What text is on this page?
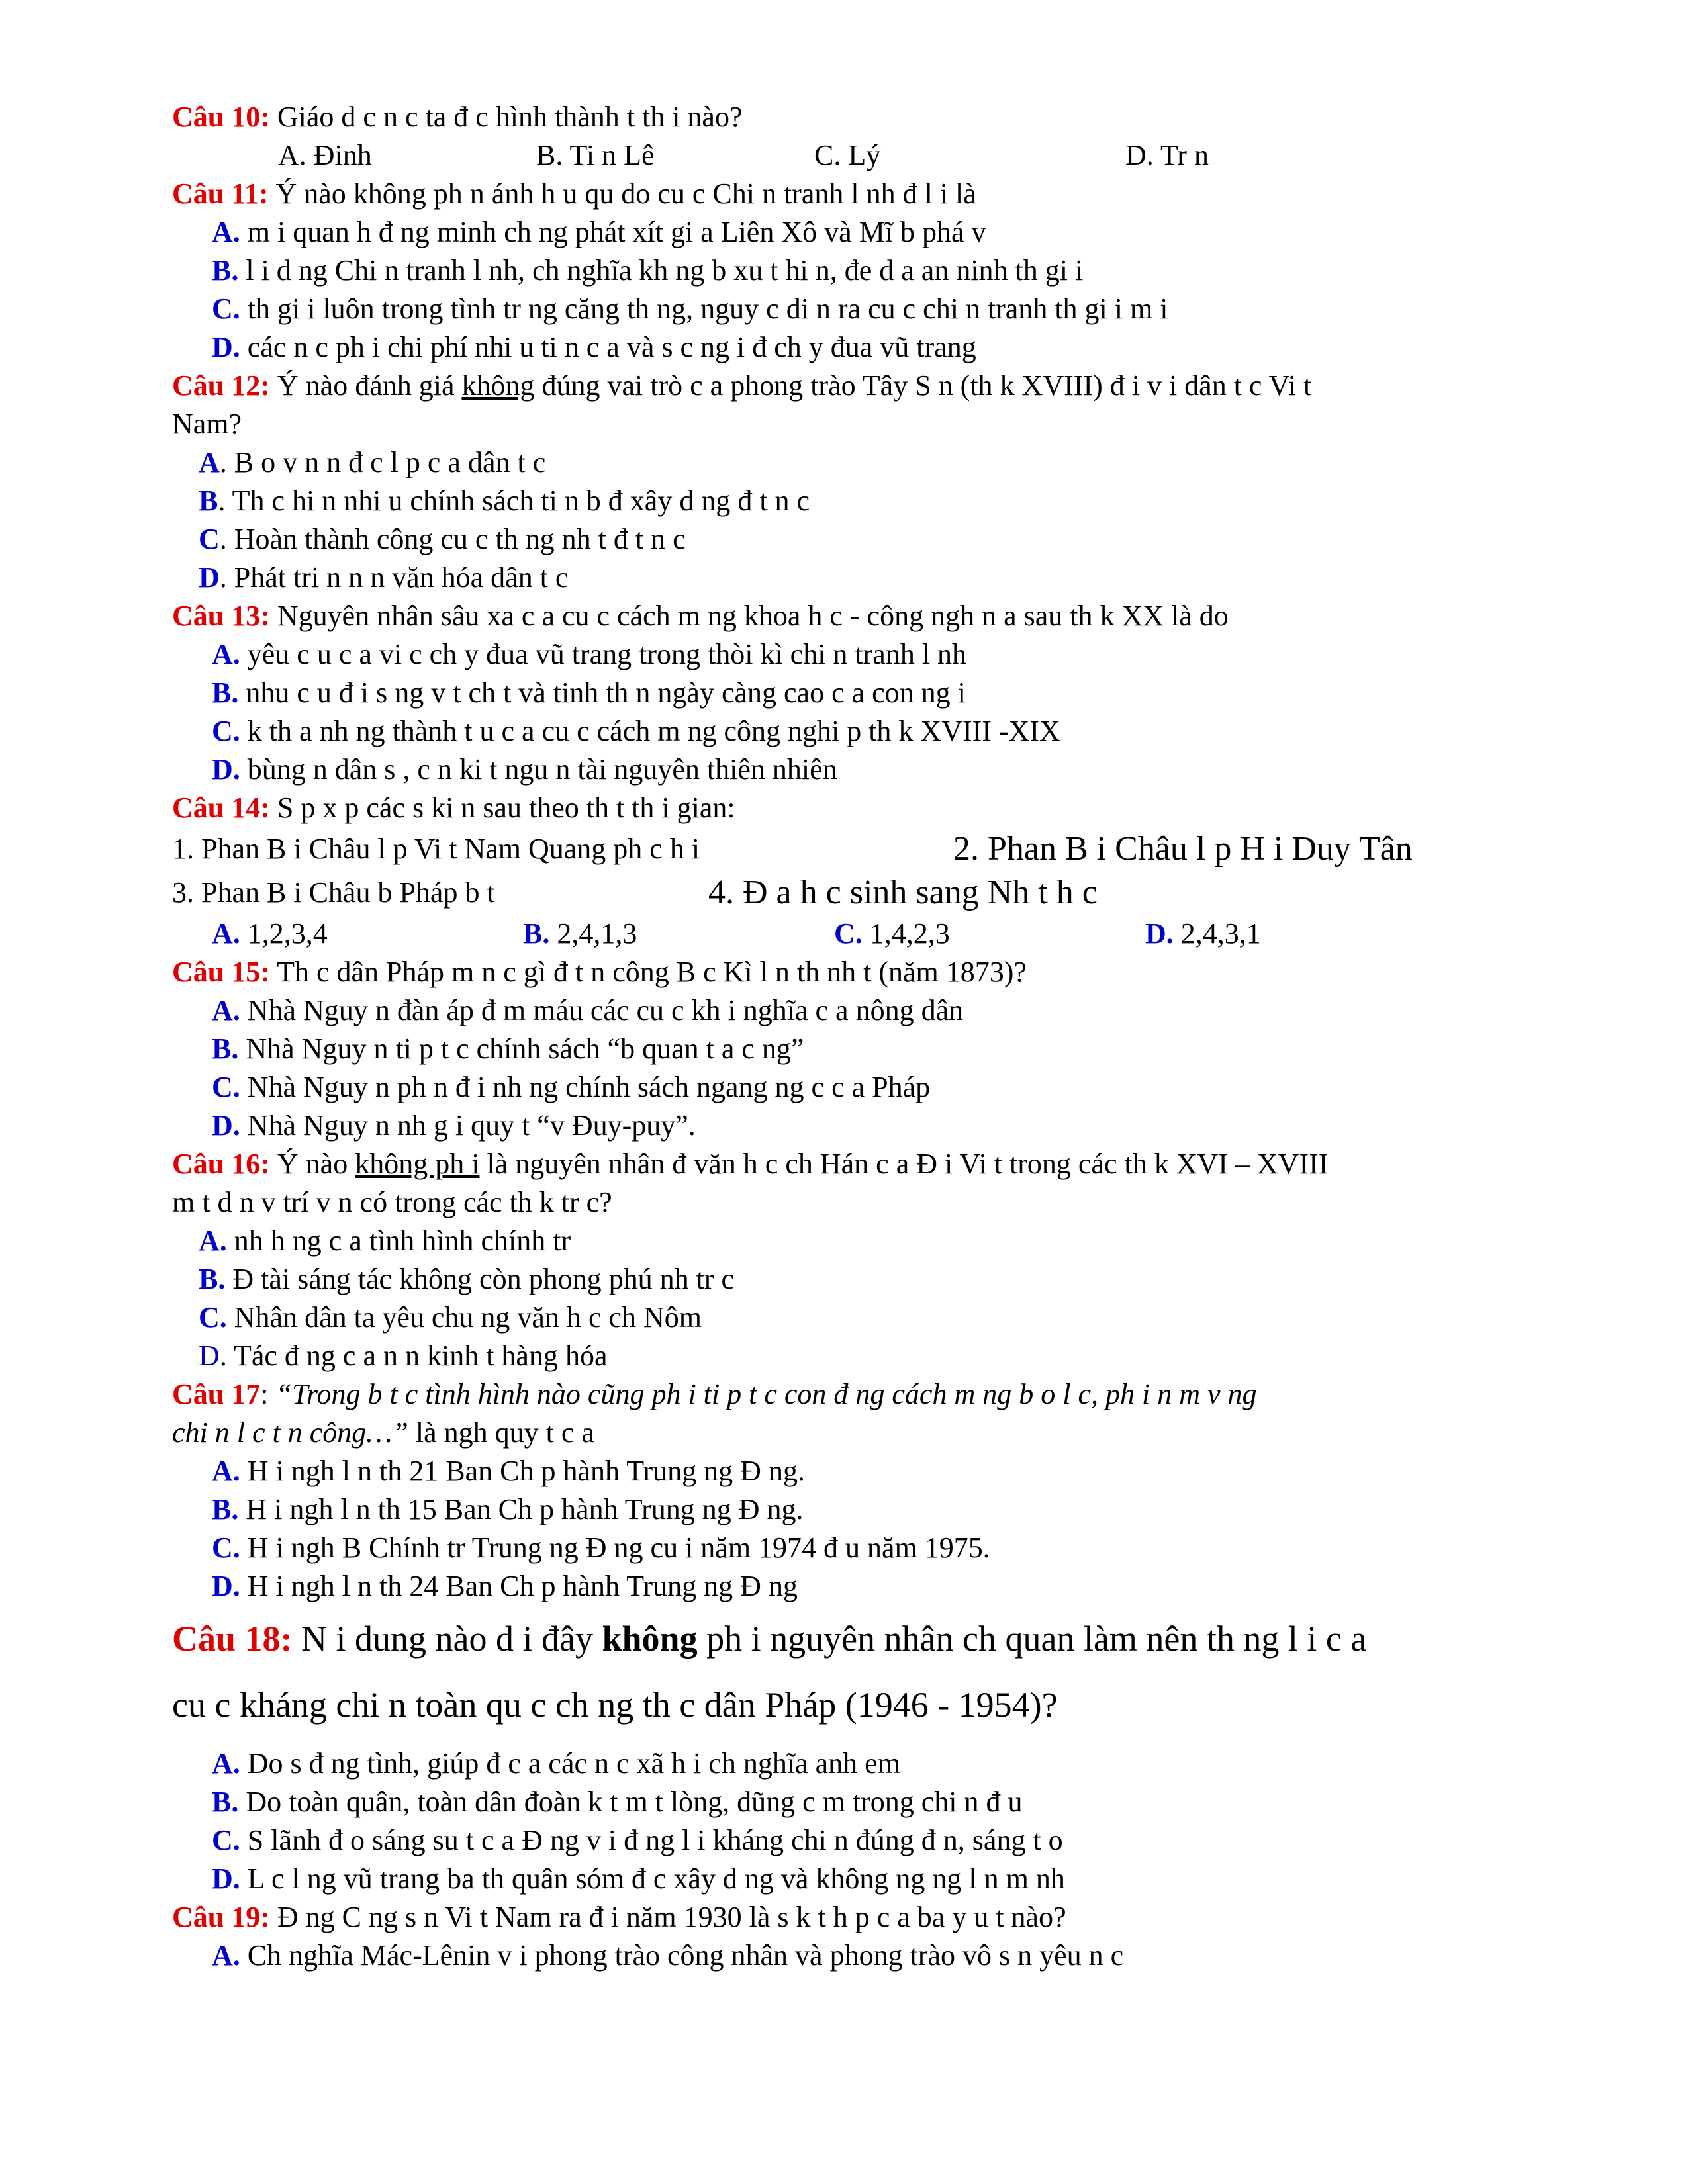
Câu 10: Giáo d c n c ta đ c hình thành t th i nào?
A. Đinh	B. Ti n Lê	C. Lý	D. Tr n
Câu 11: Ý nào không ph n ánh h u qu do cu c Chi n tranh l nh đ l i là
A. m i quan h đ ng minh ch ng phát xít gi a Liên Xô và Mĩ b phá v
B. l i d ng Chi n tranh l nh, ch nghĩa kh ng b xu t hi n, đe d a an ninh th gi i
C. th gi i luôn trong tình tr ng căng th ng, nguy c di n ra cu c chi n tranh th gi i m i
D. các n c ph i chi phí nhi u ti n c a và s c ng i đ ch y đua vũ trang
Câu 12: Ý nào đánh giá không đúng vai trò c a phong trào Tây S n (th k XVIII) đ i v i dân t c Vi t
Nam?
A. B o v n n đ c l p c a dân t c
B. Th c hi n nhi u chính sách ti n b đ xây d ng đ t n c
C. Hoàn thành công cu c th ng nh t đ t n c
D. Phát tri n n n văn hóa dân t c
Câu 13: Nguyên nhân sâu xa c a cu c cách m ng khoa h c - công ngh n a sau th k XX là do
A. yêu c u c a vi c ch y đua vũ trang trong thòi kì chi n tranh l nh
B. nhu c u đ i s ng v t ch t và tinh th n ngày càng cao c a con ng i
C. k th a nh ng thành t u c a cu c cách m ng công nghi p th k XVIII -XIX
D. bùng n dân s , c n ki t ngu n tài nguyên thiên nhiên
Câu 14: S p x p các s ki n sau theo th t th i gian:
1. Phan B i Châu l p Vi t Nam Quang ph c h i	2. Phan B i Châu l p H i Duy Tân
3. Phan B i Châu b Pháp b t	4. Đ a h c sinh sang Nh t h c
A. 1,2,3,4	B. 2,4,1,3	C. 1,4,2,3	D. 2,4,3,1
Câu 15: Th c dân Pháp m n c gì đ t n công B c Kì l n th nh t (năm 1873)?
A. Nhà Nguy n đàn áp đ m máu các cu c kh i nghĩa c a nông dân
B. Nhà Nguy n ti p t c chính sách “b quan t a c ng”
C. Nhà Nguy n ph n đ i nh ng chính sách ngang ng c c a Pháp
D. Nhà Nguy n nh g i quy t “v Đuy-puy”.
Câu 16: Ý nào không ph i là nguyên nhân đ văn h c ch Hán c a Đ i Vi t trong các th k XVI – XVIII
m t d n v trí v n có trong các th k tr c?
A. nh h ng c a tình hình chính tr
B. Đ tài sáng tác không còn phong phú nh tr c
C. Nhân dân ta yêu chu ng văn h c ch Nôm
D. Tác đ ng c a n n kinh t hàng hóa
Câu 17: “Trong b t c tình hình nào cũng ph i ti p t c con đ ng cách m ng b o l c, ph i n m v ng
chi n l c t n công…” là ngh quy t c a
A. H i ngh l n th 21 Ban Ch p hành Trung ng Đ ng.
B. H i ngh l n th 15 Ban Ch p hành Trung ng Đ ng.
C. H i ngh B Chính tr Trung ng Đ ng cu i năm 1974 đ u năm 1975.
D. H i ngh l n th 24 Ban Ch p hành Trung ng Đ ng
Câu 18: N i dung nào d i đây không ph i nguyên nhân ch quan làm nên th ng l i c a
cu c kháng chi n toàn qu c ch ng th c dân Pháp (1946 - 1954)?
A. Do s đ ng tình, giúp đ c a các n c xã h i ch nghĩa anh em
B. Do toàn quân, toàn dân đoàn k t m t lòng, dũng c m trong chi n đ u
C. S lãnh đ o sáng su t c a Đ ng v i đ ng l i kháng chi n đúng đ n, sáng t o
D. L c l ng vũ trang ba th quân sóm đ c xây d ng và không ng ng l n m nh
Câu 19: Đ ng C ng s n Vi t Nam ra đ i năm 1930 là s k t h p c a ba y u t nào?
A. Ch nghĩa Mác-Lênin v i phong trào công nhân và phong trào vô s n yêu n c
